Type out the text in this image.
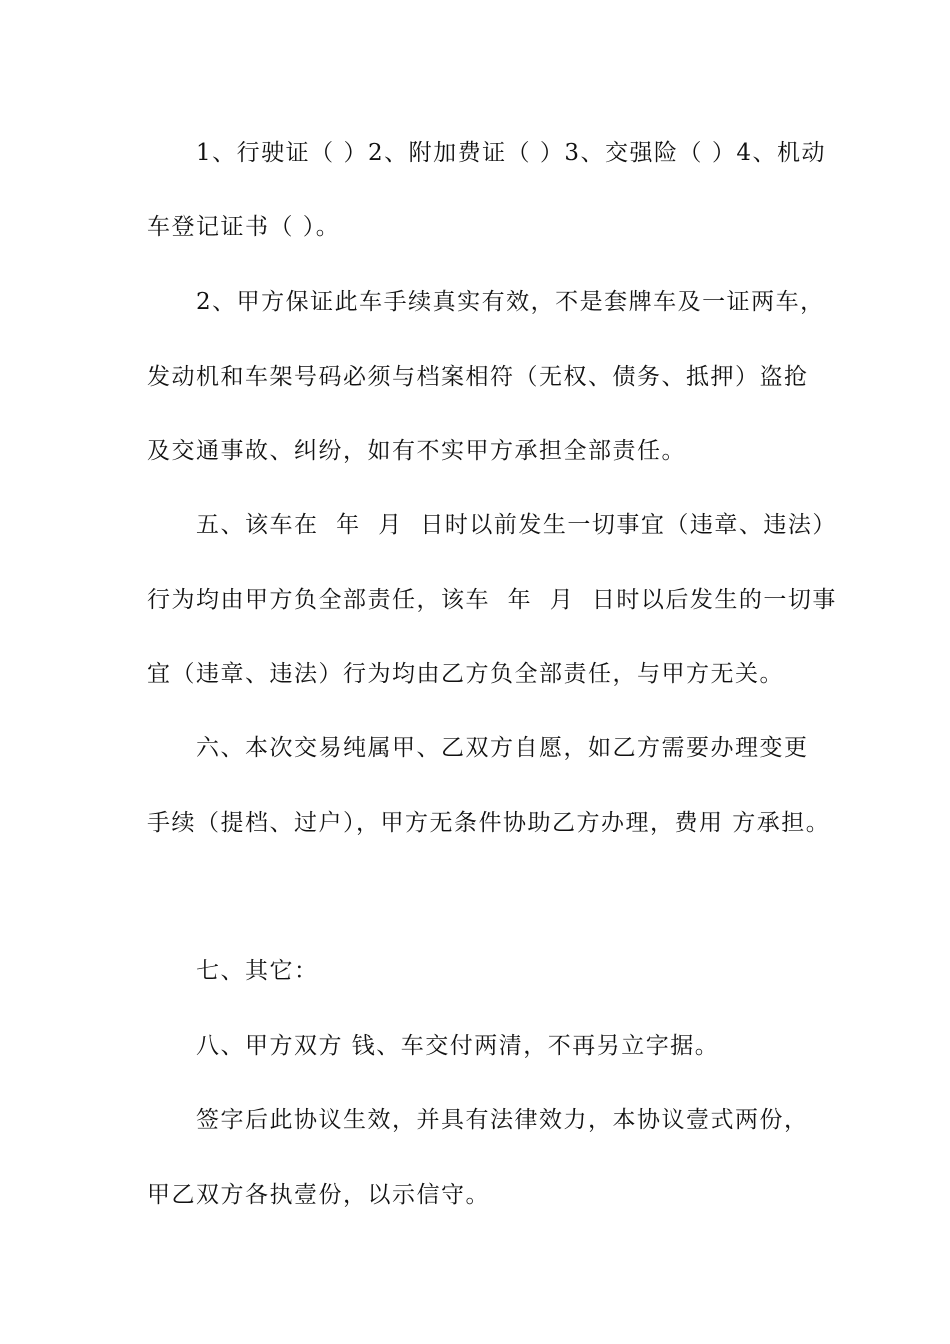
1、行驶证（ ）2、附加费证（ ）3、交强险（ ）4、机动
车登记证书（ ）。
2、甲方保证此车手续真实有效，不是套牌车及一证两车，
发动机和车架号码必须与档案相符（无权、债务、抵押）盗抢
及交通事故、纠纷，如有不实甲方承担全部责任。
五、该车在  年  月  日时以前发生一切事宜（违章、违法）
行为均由甲方负全部责任，该车  年  月  日时以后发生的一切事
宜（违章、违法）行为均由乙方负全部责任，与甲方无关。
六、本次交易纯属甲、乙双方自愿，如乙方需要办理变更
手续（提档、过户），甲方无条件协助乙方办理，费用 方承担。
七、其它：
八、甲方双方 钱、车交付两清，不再另立字据。
签字后此协议生效，并具有法律效力，本协议壹式两份，
甲乙双方各执壹份，以示信守。
